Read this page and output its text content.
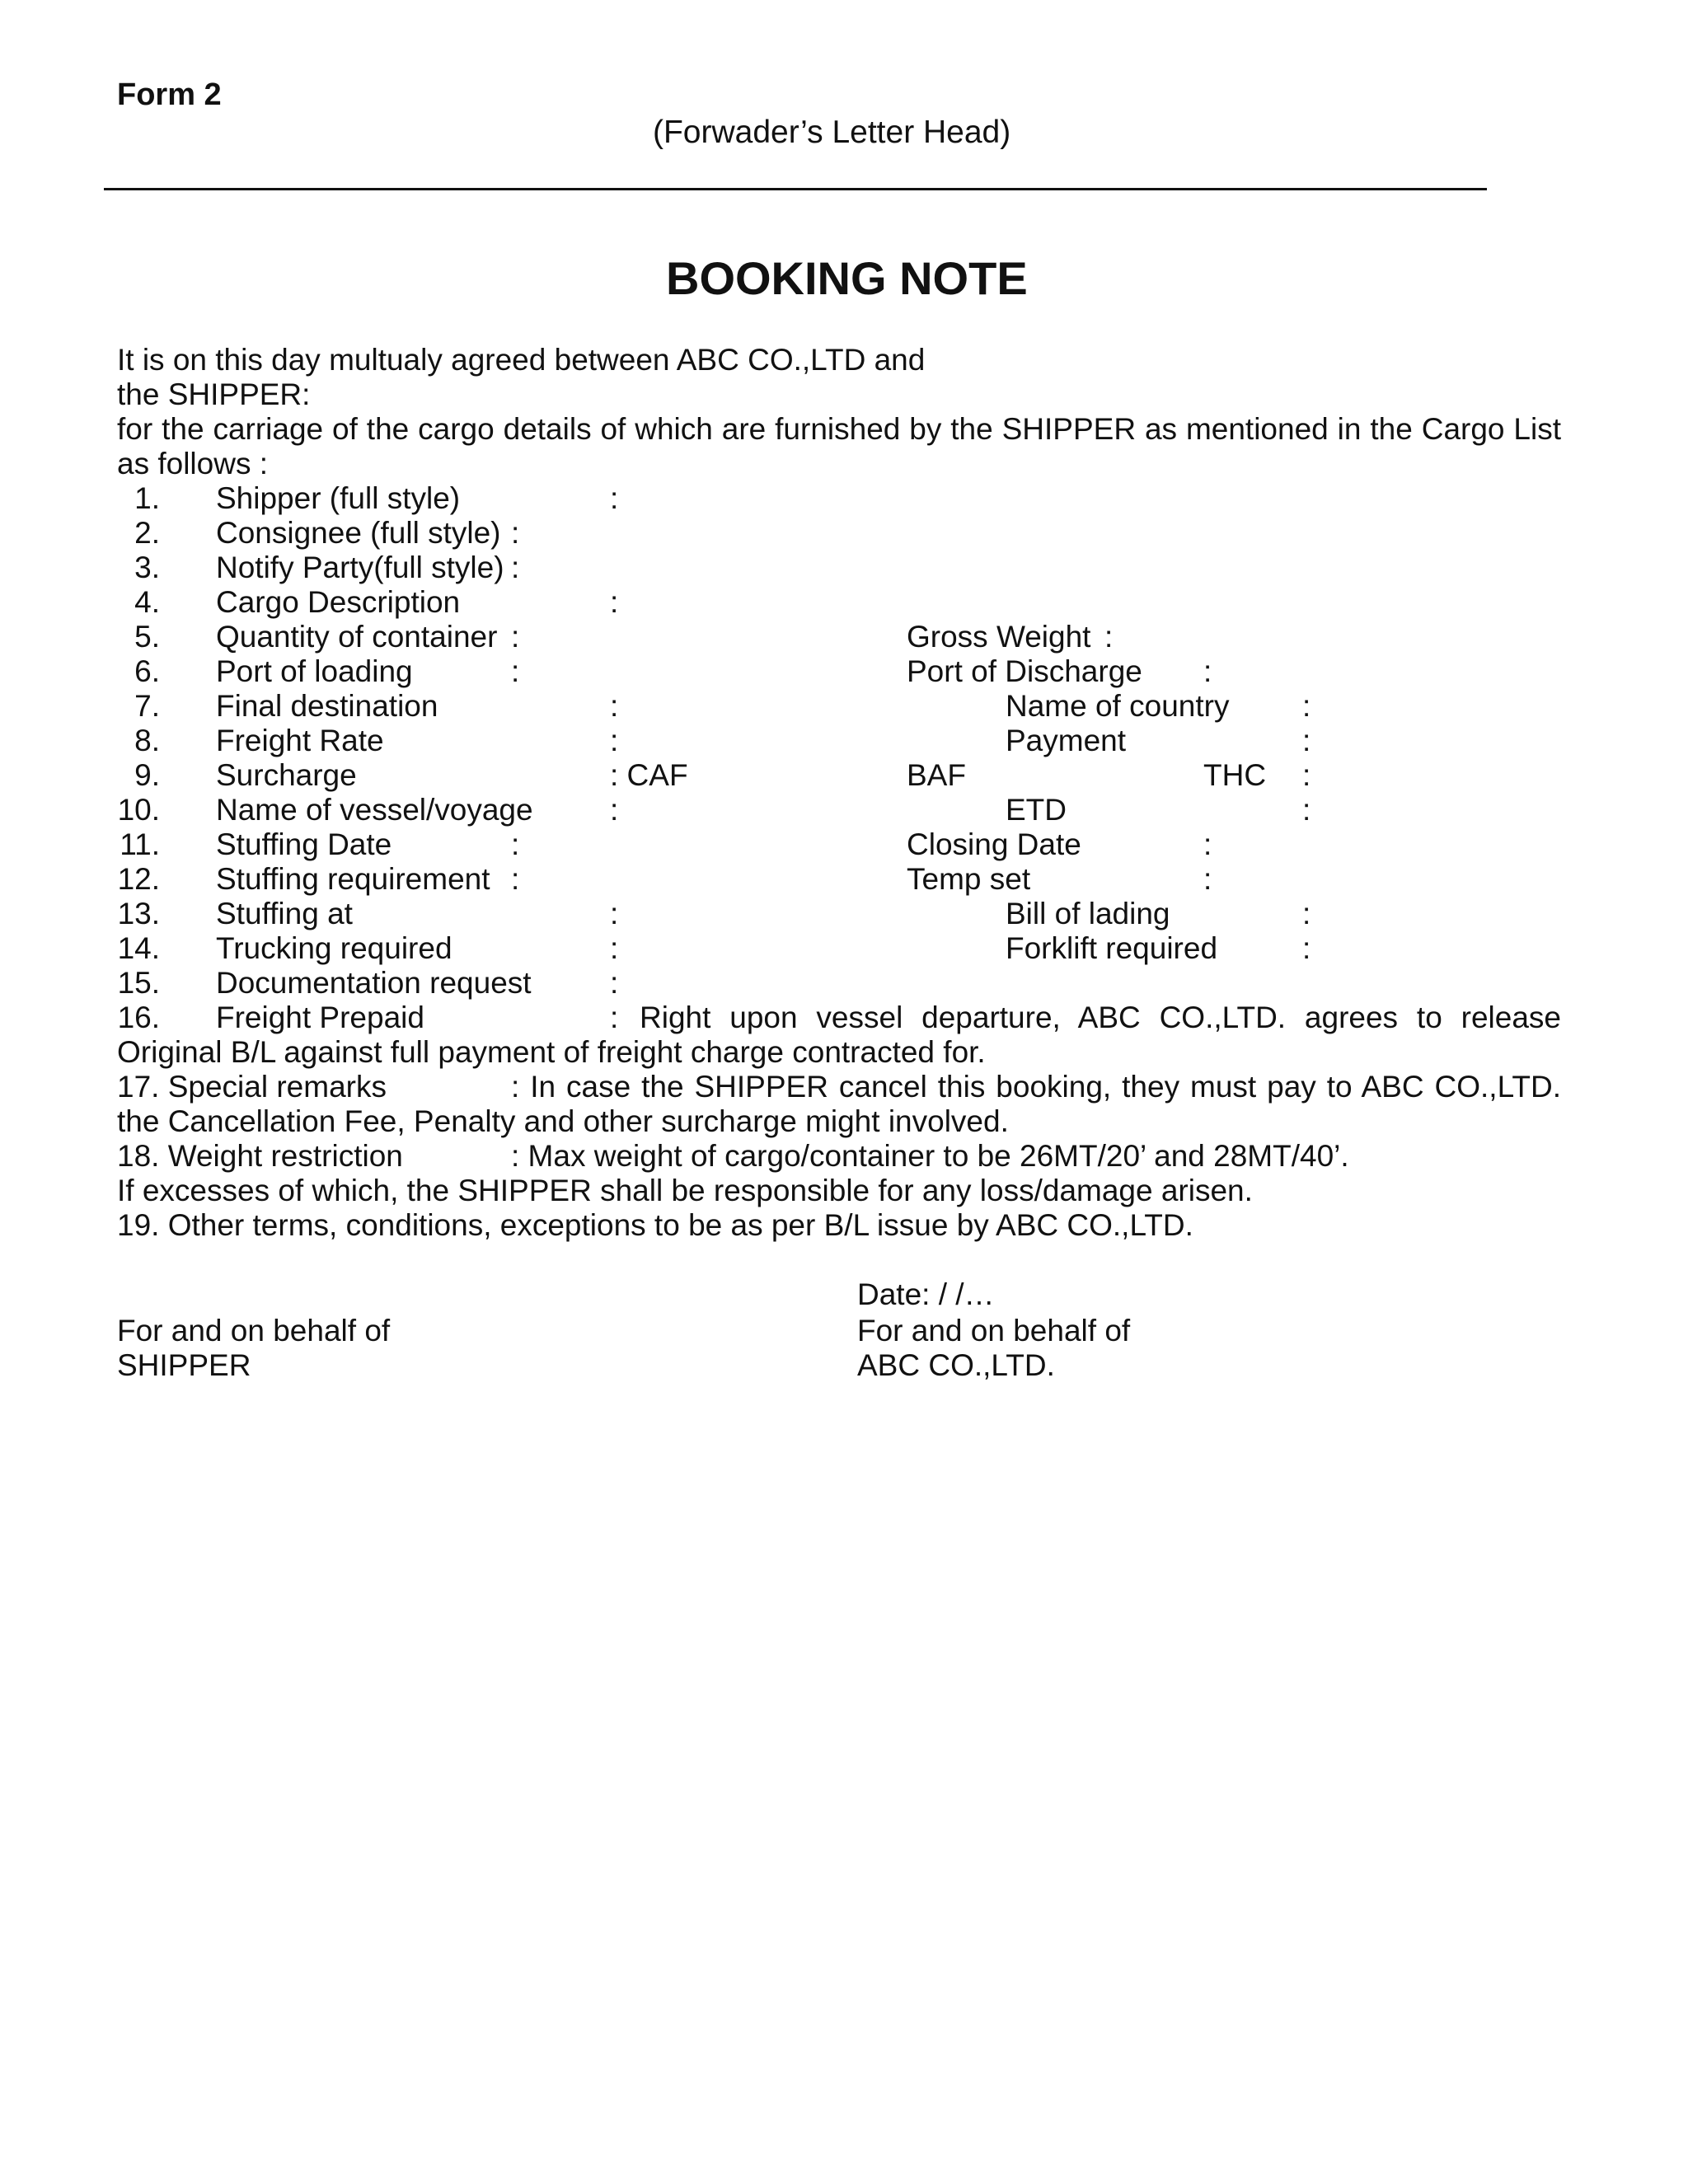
Form 2
(Forwader’s Letter Head)
BOOKING NOTE
It is on this day multualy agreed between ABC CO.,LTD and
the SHIPPER:
for the carriage of the cargo details of which are furnished by the SHIPPER as mentioned in the Cargo List
as follows :
1. Shipper (full style)	:
2. Consignee (full style) :
3. Notify Party(full style) :
4. Cargo Description	:
5. Quantity of container :	Gross Weight :
6. Port of loading	:	Port of Discharge :
7. Final destination	:	Name of country :
8. Freight Rate	:	Payment	:
9. Surcharge	: CAF	BAF	THC :
10. Name of vessel/voyage	:	ETD	:
11. Stuffing Date	:	Closing Date	:
12. Stuffing requirement :	Temp set	:
13. Stuffing at	:	Bill of lading	:
14. Trucking required	:	Forklift required	:
15. Documentation request	:
16. Freight Prepaid	: Right upon vessel departure, ABC CO.,LTD. agrees to release
Original B/L against full payment of freight charge contracted for.
17. Special remarks	: In case the SHIPPER cancel this booking, they must pay to ABC CO.,LTD.
the Cancellation Fee, Penalty and other surcharge might involved.
18. Weight restriction	: Max weight of cargo/container to be 26MT/20’ and 28MT/40’.
If excesses of which, the SHIPPER shall be responsible for any loss/damage arisen.
19. Other terms, conditions, exceptions to be as per B/L issue by ABC CO.,LTD.
Date: / /…
For and on behalf of
SHIPPER
For and on behalf of
ABC CO.,LTD.
